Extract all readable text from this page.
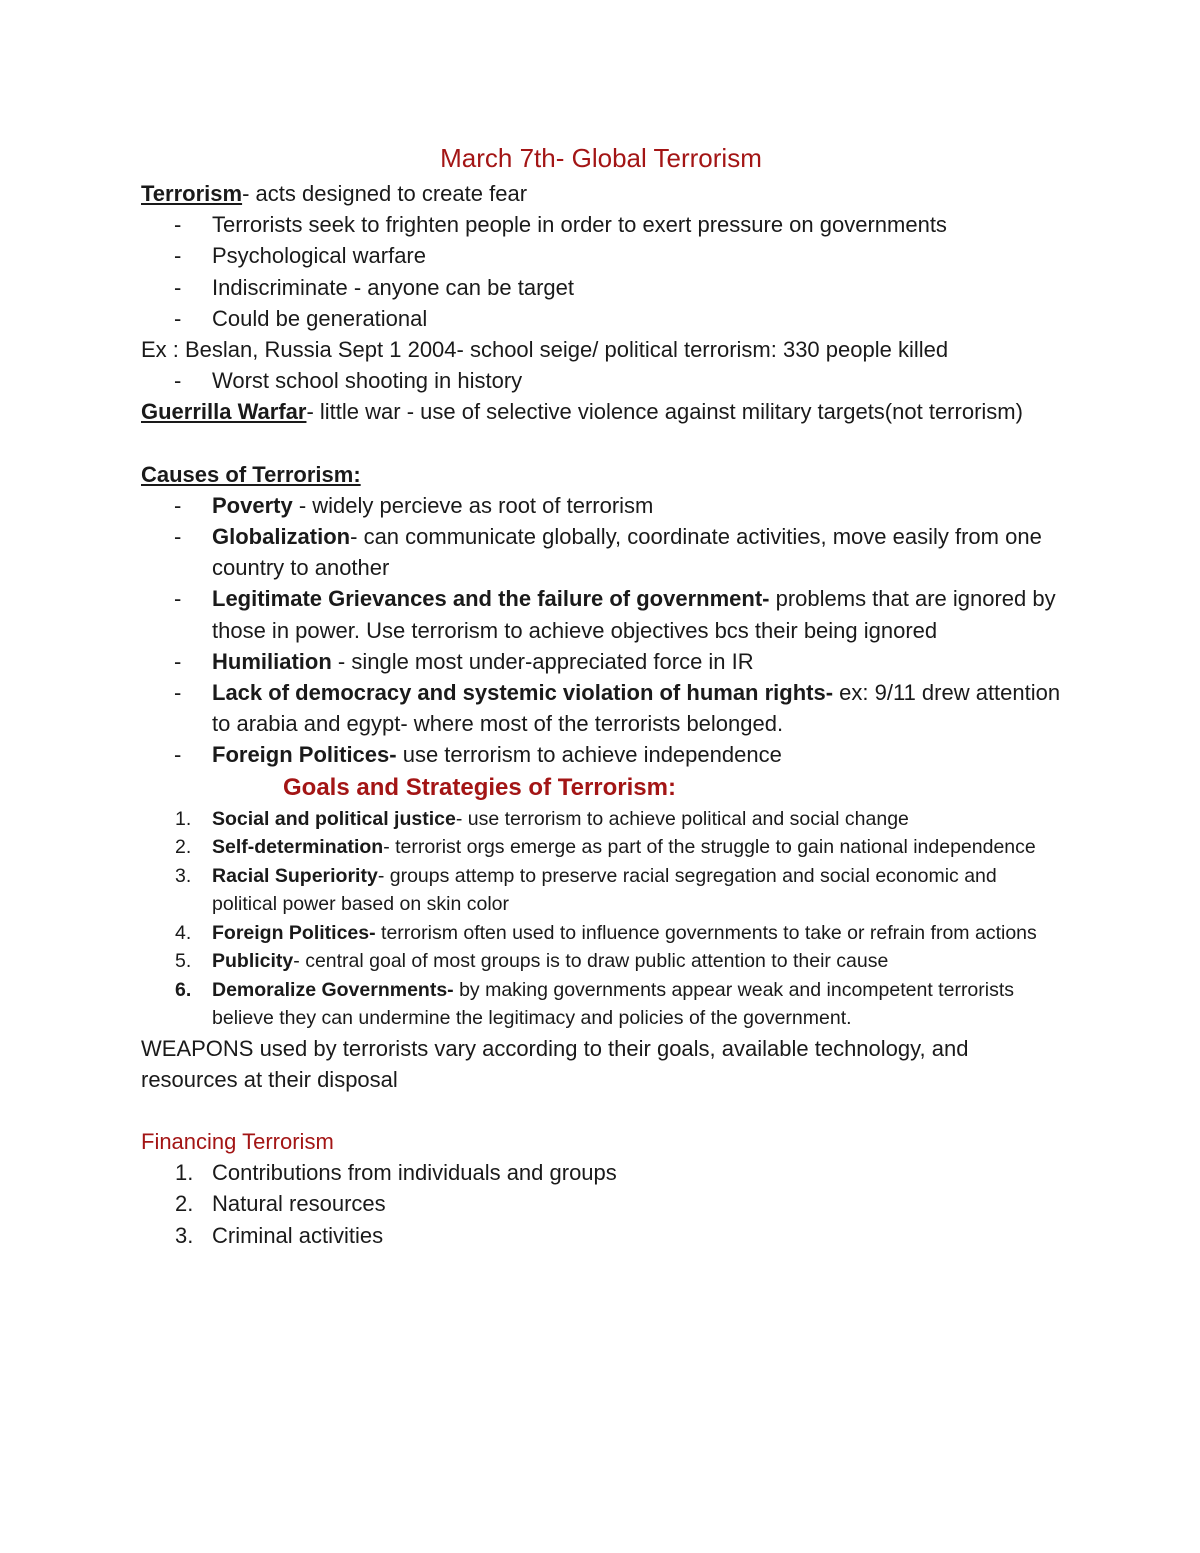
March 7th- Global Terrorism
Terrorism- acts designed to create fear
- Terrorists seek to frighten people in order to exert pressure on governments
- Psychological warfare
- Indiscriminate - anyone can be target
- Could be generational
Ex : Beslan, Russia Sept 1 2004- school seige/ political terrorism: 330 people killed
- Worst school shooting in history
Guerrilla Warfar- little war - use of selective violence against military targets(not terrorism)
Causes of Terrorism:
- Poverty - widely percieve as root of terrorism
- Globalization- can communicate globally, coordinate activities, move easily from one country to another
- Legitimate Grievances and the failure of government- problems that are ignored by those in power. Use terrorism to achieve objectives bcs their being ignored
- Humiliation - single most under-appreciated force in IR
- Lack of democracy and systemic violation of human rights- ex: 9/11 drew attention to arabia and egypt- where most of the terrorists belonged.
- Foreign Politices- use terrorism to achieve independence
Goals and Strategies of Terrorism:
1. Social and political justice- use terrorism to achieve political and social change
2. Self-determination- terrorist orgs emerge as part of the struggle to gain national independence
3. Racial Superiority- groups attemp to preserve racial segregation and social economic and political power based on skin color
4. Foreign Politices- terrorism often used to influence governments to take or refrain from actions
5. Publicity- central goal of most groups is to draw public attention to their cause
6. Demoralize Governments- by making governments appear weak and incompetent terrorists believe they can undermine the legitimacy and policies of the government.
WEAPONS used by terrorists vary according to their goals, available technology, and resources at their disposal
Financing Terrorism
1. Contributions from individuals and groups
2. Natural resources
3. Criminal activities
